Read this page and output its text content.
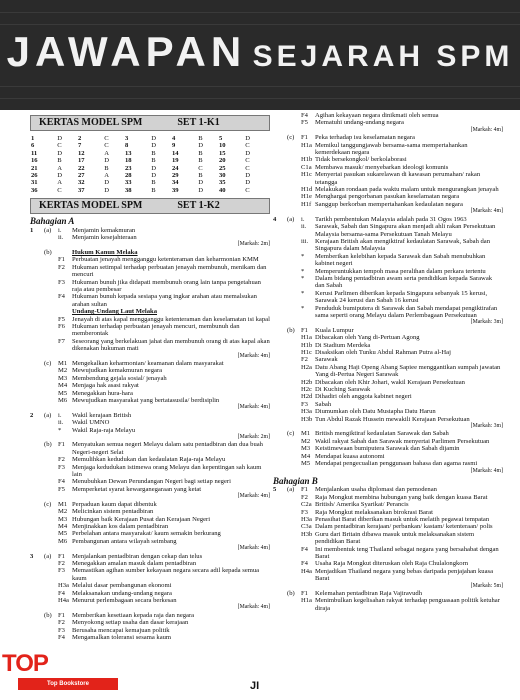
JAWAPAN SEJARAH SPM
KERTAS MODEL SPM	SET 1-K1
1	D	2	C	3	D	4	B	5	D
6	C	7	C	8	D	9	D	10	C
11	D	12	A	13	B	14	B	15	D
16	B	17	D	18	B	19	B	20	C
21	A	22	B	23	D	24	C	25	C
26	D	27	A	28	D	29	B	30	D
31	A	32	D	33	B	34	D	35	D
36	C	37	D	38	B	39	D	40	C
KERTAS MODEL SPM	SET 1-K2
Bahagian A
1	(a)	i.	Menjamin kemakmuran
ii.	Menjamin kesejahteraan
[Markah: 2m]
(b)	Hukum Kanun Melaka
F1	Perbuatan jenayah mengganggu ketenteraman dan keharmonian KMM
F2	Hukuman setimpal terhadap perbuatan jenayah membunuh, menikam dan mencuri
F3	Hukuman bunuh jika didapati membunuh orang lain tanpa pengetahuan raja atau pembesar
F4	Hukuman bunuh kepada sesiapa yang ingkar arahan atau memalsukan arahan sultan
Undang-Undang Laut Melaka
F5	Jenayah di atas kapal mengganggu ketenteraman dan keselamatan isi kapal
F6	Hukuman terhadap perbuatan jenayah mencuri, membunuh dan memberontak
F7	Seseorang yang berkelakuan jahat dan membunuh orang di atas kapal akan dikenakan hukuman mati
[Markah: 4m]
(c)	M1 Mengekalkan keharmonian/ keamanan dalam masyarakat
M2 Mewujudkan kemakmuran negara
M3 Membendung gejala sosial/ jenayah
M4 Menjaga hak asasi rakyat
M5 Menegakkan hura-hara
M6 Mewujudkan masyarakat yang bertatasusila/ berdisiplin
[Markah: 4m]
2	(a)	i.	Wakil kerajaan British
ii.	Wakil UMNO
*	Wakil Raja-raja Melayu
[Markah: 2m]
(b) F1	Menyatukan semua negeri Melayu dalam satu pentadbiran dan dua buah Negeri-negeri Selat
F2	Memulihkan kedudukan dan kedaulatan Raja-raja Melayu
F3	Menjaga kedudukan istimewa orang Melayu dan kepentingan sah kaum lain
F4	Menubuhkan Dewan Perundangan Negeri bagi setiap negeri
F5	Memperketat syarat kewarganegaraan yang ketat
[Markah: 4m]
(c)	M1 Perpaduan kaum dapat dibentuk
M2 Melicinkan sistem pentadbiran
M3 Hubungan baik Kerajaan Pusat dan Kerajaan Negeri
M4 Menjinakkan kos dalam pentadbiran
M5 Perbelahan antara masyarakat/ kaum semakin berkurang
M6 Pembangunan antara wilayah seimbang
[Markah: 4m]
3	(a)	F1	Menjalankan pentadbiran dengan cekap dan telus
F2	Menegakkan amalan masuk dalam pentadbiran
F3	Memastikan agihan sumber kekayaan negara secara adil kepada semua kaum
H3a Melalui dasar pembangunan ekonomi
F4	Melaksanakan undang-undang negara
H4a Menurut perlembagaan secara berkesan
[Markah: 4m]
(b) F1	Memberikan kesetiaan kepada raja dan negara
F2	Menyokong setiap usaha dan dasar kerajaan
F3	Berusaha mencapai kemajuan politik
F4	Mengamalkan toleransi sesama kaum
F4	Agihan kekayaan negara dinikmati oleh semua
F5	Mematuhi undang-undang negara
[Markah: 4m]
(c)	F1	Peka terhadap isu keselamatan negara
H1a Memikul tanggungjawab bersama-sama mempertahankan kemerdekaan negara
H1b Tidak bersekongkol/ berkolaborasi
C1a Membawa masuk/ menyebarkan ideologi komunis
H1c Menyertai pasukan sukarelawan di kawasan perumahan/ rakan tetangga
H1d Melakukan rondaan pada waktu malam untuk mengurangkan jenayah
H1e Menghargai pengorbanan pasukan keselamatan negara
H1f Sanggup berkorban mempertahankan kedaulatan negara
[Markah: 4m]
4	(a)	i.	Tarikh pembentukan Malaysia adalah pada 31 Ogos 1963
ii.	Sarawak, Sabah dan Singapura akan menjadi ahli rakan Persekutuan Malaysia bersama-sama Persekutuan Tanah Melayu
iii.	Kerajaan British akan mengiktiraf kedaulatan Sarawak, Sabah dan Singapura dalam Malaysia
*	Memberikan kelebihan kepada Sarawak dan Sabah menubuhkan kabinet negeri
*	Memperuntukkan tempoh masa peralihan dalam perkara tertentu
*	Dalam bidang pentadbiran awam serta pendidikan kepada Sarawak dan Sabah
*	Kerusi Parlimen diberikan kepada Singapura sebanyak 15 kerusi, Sarawak 24 kerusi dan Sabah 16 kerusi
*	Penduduk bumiputera di Sarawak dan Sabah mendapat pengiktirafan sama seperti orang Melayu dalam Perlembagaan Persekutuan
[Markah: 3m]
(b) F1	Kuala Lumpur
H1a Dibacakan oleh Yang di-Pertuan Agong
H1b Di Stadium Merdeka
H1c Disaksikan oleh Tunku Abdul Rahman Putra al-Haj
F2	Sarawak
H2a Datu Abang Haji Openg Abang Sapiee menggantikan sumpah jawatan Yang di-Pertua Negeri Sarawak
H2b Dibacakan oleh Khir Johari, wakil Kerajaan Persekutuan
H2c Di Kuching Sarawak
H2d Dihadiri oleh anggota kabinet negeri
F3	Sabah
H3a Diumumkan oleh Datu Mustapha Datu Harun
H3b Tun Abdul Razak Hussein mewakili Kerajaan Persekutuan
[Markah: 3m]
(c)	M1 British mengiktiraf kedaulatan Sarawak dan Sabah
M2 Wakil rakyat Sabah dan Sarawak menyertai Parlimen Persekutuan
M3 Keistimewaan bumiputera Sarawak dan Sabah dijamin
M4 Mendapat kuasa autonomi
M5 Mendapat pengecualian penggunaan bahasa dan agama rasmi
[Markah: 4m]
Bahagian B
5	(a)	F1	Menjalankan usaha diplomasi dan pemodenan
F2	Raja Mongkut membina hubungan yang baik dengan kuasa Barat
C2a British/ Amerika Syarikat/ Perancis
F3	Raja Mongkut melaksanakan birokrasi Barat
H3a Penasihat Barat diberikan masuk untuk melatih pegawai tempatan
C3a Dalam pentadbiran kerajaan/ perbankan/ kastam/ ketenteraan/ polis
H3b Guru dari Britain dibawa masuk untuk melaksanakan sistem pendidikan Barat
F4	Ini membentuk teng Thailand sebagai negara yang bersahabat dengan Barat
F4	Usaha Raja Mongkut diteruskan oleh Raja Chulalongkorn
H4a Menjadikan Thailand negara yang bebas daripada penjajahan kuasa Barat
[Markah: 5m]
(b) F1	Kelemahan pentadbiran Raja Vajiravudh
H1a Menimbulkan kegelisahan rakyat terhadap penguasaan politik ketuhar diraja
TOP
Top Bookstore	JI
